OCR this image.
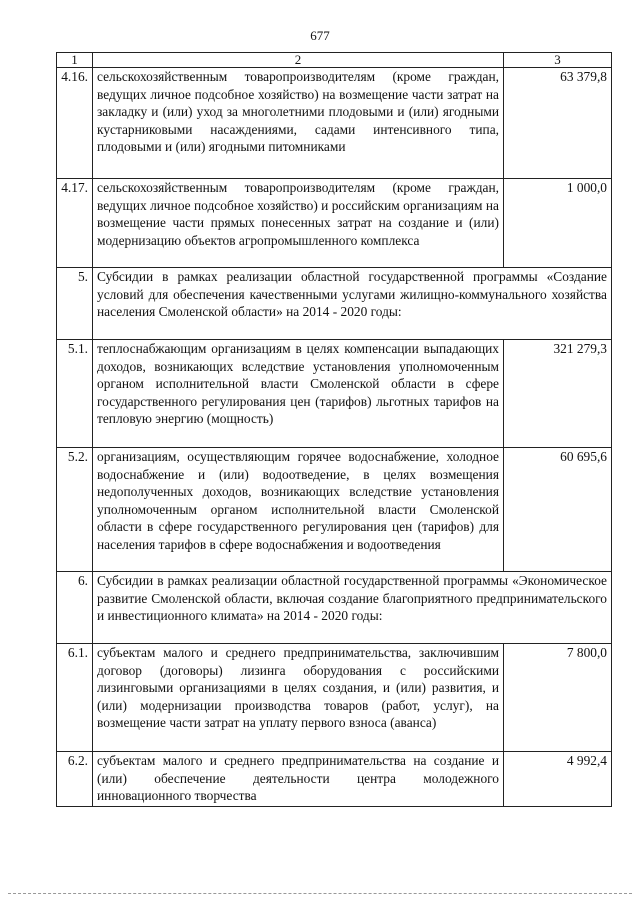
677
1	2	3
4.16.	сельскохозяйственным товаропроизводителям (кроме граждан, ведущих личное подсобное хозяйство) на возмещение части затрат на закладку и (или) уход за многолетними плодовыми и (или) ягодными кустарниковыми насаждениями, садами интенсивного типа, плодовыми и (или) ягодными питомниками	63 379,8
4.17.	сельскохозяйственным товаропроизводителям (кроме граждан, ведущих личное подсобное хозяйство) и российским организациям на возмещение части прямых понесенных затрат на создание и (или) модернизацию объектов агропромышленного комплекса	1 000,0
5.	Субсидии в рамках реализации областной государственной программы «Создание условий для обеспечения качественными услугами жилищно-коммунального хозяйства населения Смоленской области» на 2014 - 2020 годы:	
5.1.	теплоснабжающим организациям в целях компенсации выпадающих доходов, возникающих вследствие установления уполномоченным органом исполнительной власти Смоленской области в сфере государственного регулирования цен (тарифов) льготных тарифов на тепловую энергию (мощность)	321 279,3
5.2.	организациям, осуществляющим горячее водоснабжение, холодное водоснабжение и (или) водоотведение, в целях возмещения недополученных доходов, возникающих вследствие установления уполномоченным органом исполнительной власти Смоленской области в сфере государственного регулирования цен (тарифов) для населения тарифов в сфере водоснабжения и водоотведения	60 695,6
6.	Субсидии в рамках реализации областной государственной программы «Экономическое развитие Смоленской области, включая создание благоприятного предпринимательского и инвестиционного климата» на 2014 - 2020 годы:	
6.1.	субъектам малого и среднего предпринимательства, заключившим договор (договоры) лизинга оборудования с российскими лизинговыми организациями в целях создания, и (или) развития, и (или) модернизации производства товаров (работ, услуг), на возмещение части затрат на уплату первого взноса (аванса)	7 800,0
6.2.	субъектам малого и среднего предпринимательства на создание и (или) обеспечение деятельности центра молодежного инновационного творчества	4 992,4
